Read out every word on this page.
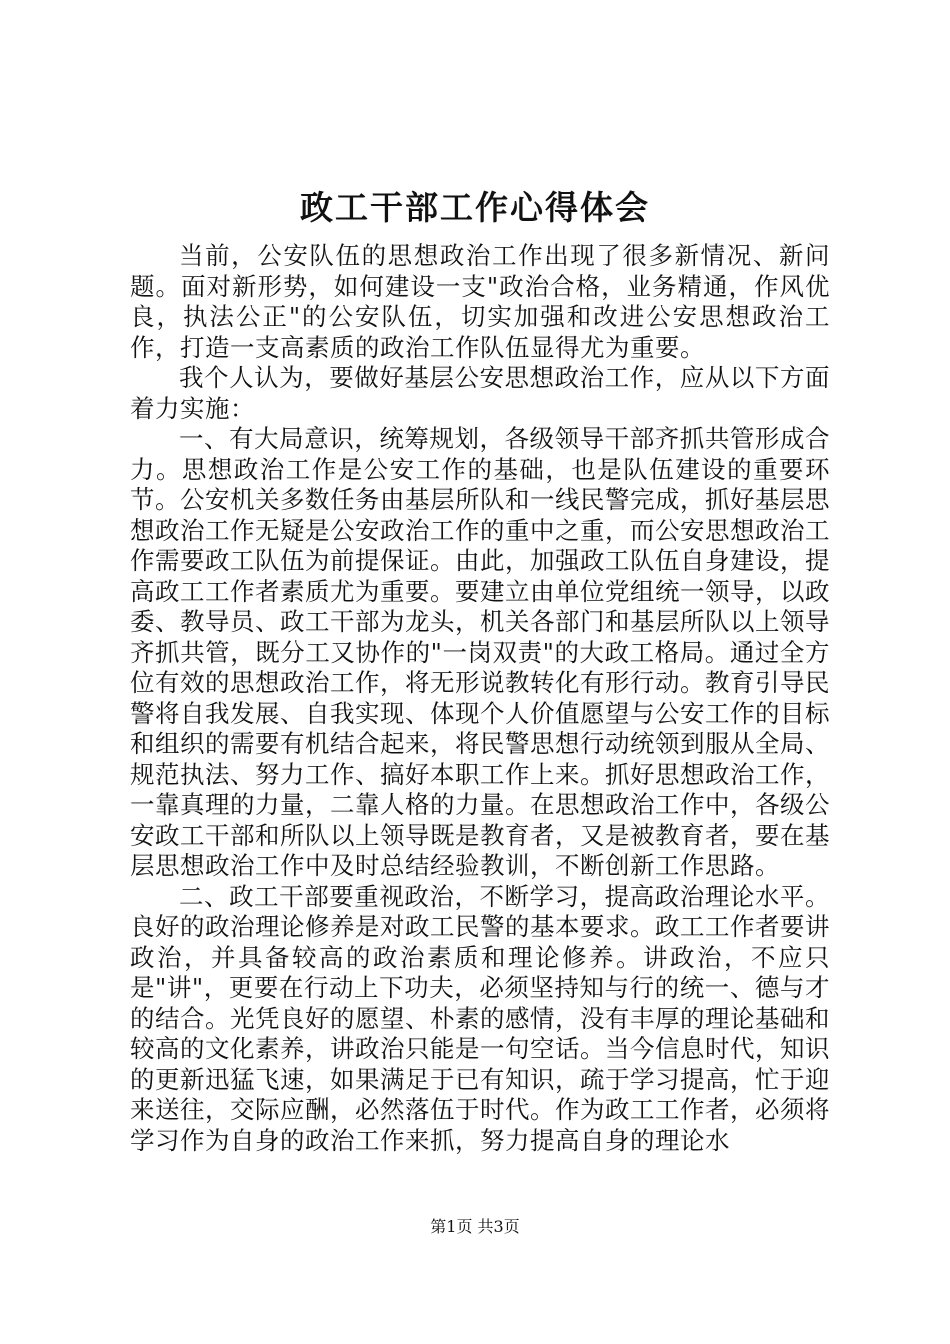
政工干部工作心得体会

当前，公安队伍的思想政治工作出现了很多新情况、新问题。面对新形势，如何建设一支"政治合格，业务精通，作风优良，执法公正"的公安队伍，切实加强和改进公安思想政治工作，打造一支高素质的政治工作队伍显得尤为重要。

我个人认为，要做好基层公安思想政治工作，应从以下方面着力实施：

一、有大局意识，统筹规划，各级领导干部齐抓共管形成合力。思想政治工作是公安工作的基础，也是队伍建设的重要环节。公安机关多数任务由基层所队和一线民警完成，抓好基层思想政治工作无疑是公安政治工作的重中之重，而公安思想政治工作需要政工队伍为前提保证。由此，加强政工队伍自身建设，提高政工工作者素质尤为重要。要建立由单位党组统一领导，以政委、教导员、政工干部为龙头，机关各部门和基层所队以上领导齐抓共管，既分工又协作的"一岗双责"的大政工格局。通过全方位有效的思想政治工作，将无形说教转化有形行动。教育引导民警将自我发展、自我实现、体现个人价值愿望与公安工作的目标和组织的需要有机结合起来，将民警思想行动统领到服从全局、规范执法、努力工作、搞好本职工作上来。抓好思想政治工作，一靠真理的力量，二靠人格的力量。在思想政治工作中，各级公安政工干部和所队以上领导既是教育者，又是被教育者，要在基层思想政治工作中及时总结经验教训，不断创新工作思路。

二、政工干部要重视政治，不断学习，提高政治理论水平。良好的政治理论修养是对政工民警的基本要求。政工工作者要讲政治，并具备较高的政治素质和理论修养。讲政治，不应只是"讲"，更要在行动上下功夫，必须坚持知与行的统一、德与才的结合。光凭良好的愿望、朴素的感情，没有丰厚的理论基础和较高的文化素养，讲政治只能是一句空话。当今信息时代，知识的更新迅猛飞速，如果满足于已有知识，疏于学习提高，忙于迎来送往，交际应酬，必然落伍于时代。作为政工工作者，必须将学习作为自身的政治工作来抓，努力提高自身的理论水

第1页 共3页
